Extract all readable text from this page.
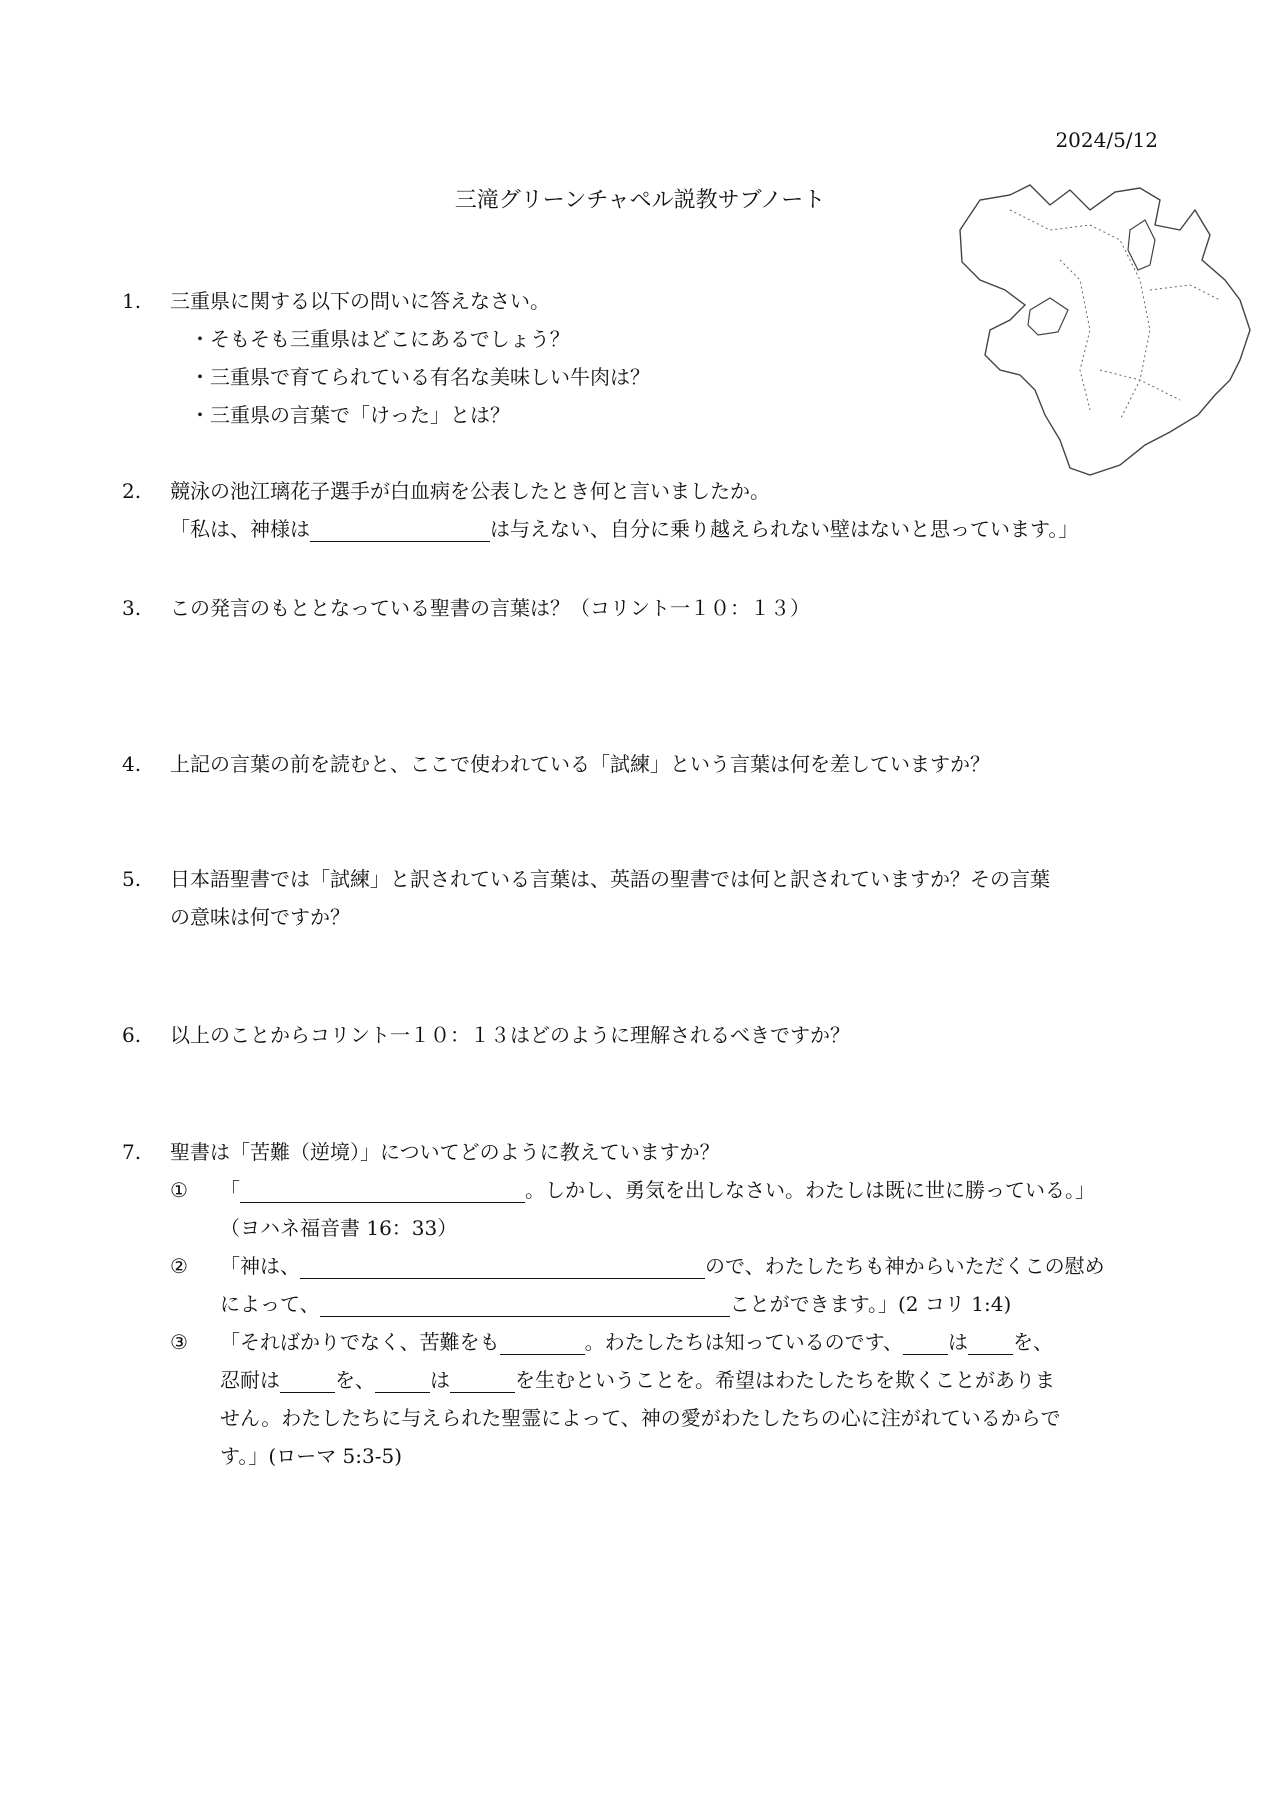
2024/5/12
三滝グリーンチャペル説教サブノート
1.	三重県に関する以下の問いに答えなさい。
・そもそも三重県はどこにあるでしょう？
・三重県で育てられている有名な美味しい牛肉は？
・三重県の言葉で「けった」とは？
2.	競泳の池江璃花子選手が白血病を公表したとき何と言いましたか。
「私は、神様は	は与えない、自分に乗り越えられない壁はないと思っています。」
3.	この発言のもととなっている聖書の言葉は？（コリント一１０：１３）
4.	上記の言葉の前を読むと、ここで使われている「試練」という言葉は何を差していますか？
5.	日本語聖書では「試練」と訳されている言葉は、英語の聖書では何と訳されていますか？その言葉
の意味は何ですか？
6.	以上のことからコリント一１０：１３はどのように理解されるべきですか？
7.	聖書は「苦難（逆境）」についてどのように教えていますか？
① 「	。しかし、勇気を出しなさい。わたしは既に世に勝っている。」
（ヨハネ福音書 16：33）
② 「神は、	ので、わたしたちも神からいただくこの慰め
によって、	ことができます。」(2 コリ 1:4)
③ 「そればかりでなく、苦難をも	。わたしたちは知っているのです、 は を、
忍耐は	を、	は	を生むということを。希望はわたしたちを欺くことがありま
せん。わたしたちに与えられた聖霊によって、神の愛がわたしたちの心に注がれているからで
す。」(ローマ 5:3-5)
